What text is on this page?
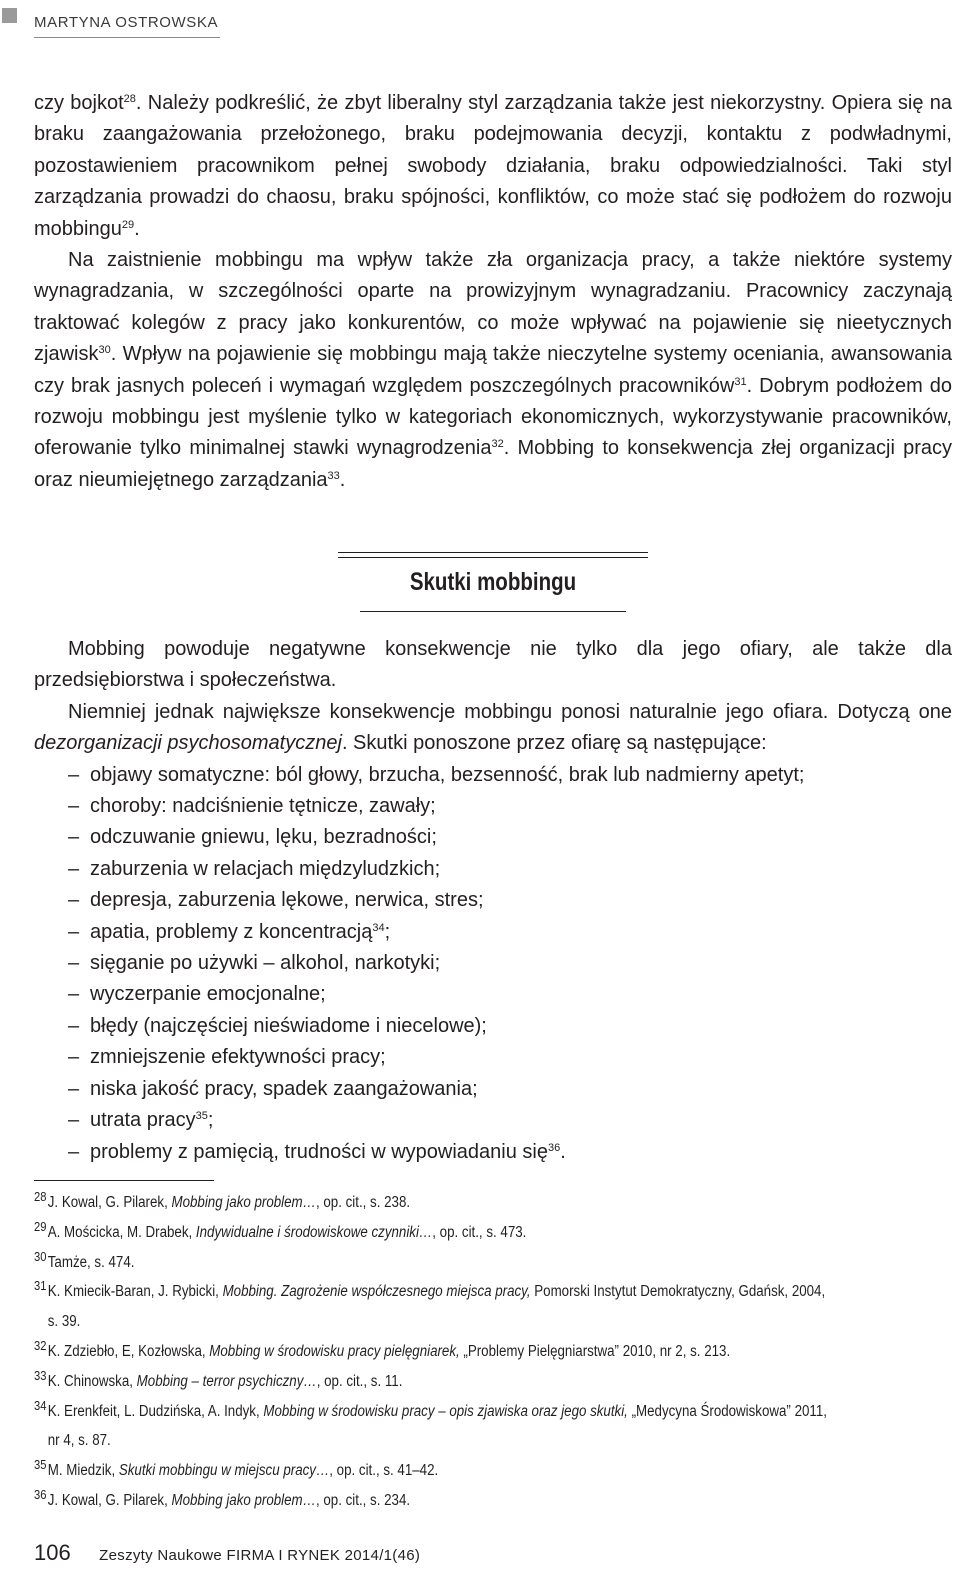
MARTYNA OSTROWSKA

czy bojkot$^{28}$. Należy podkreślić, że zbyt liberalny styl zarządzania także jest niekorzystny. Opiera się na braku zaangażowania przełożonego, braku podejmowania decyzji, kontaktu z podwładnymi, pozostawieniem pracownikom pełnej swobody działania, braku odpowiedzialności. Taki styl zarządzania prowadzi do chaosu, braku spójności, konfliktów, co może stać się podłożem do rozwoju mobbingu$^{29}$.

Na zaistnienie mobbingu ma wpływ także zła organizacja pracy, a także niektóre systemy wynagradzania, w szczególności oparte na prowizyjnym wynagradzaniu. Pracownicy zaczynają traktować kolegów z pracy jako konkurentów, co może wpływać na pojawienie się nieetycznych zjawisk$^{30}$. Wpływ na pojawienie się mobbingu mają także nieczytelne systemy oceniania, awansowania czy brak jasnych poleceń i wymagań względem poszczególnych pracowników$^{31}$. Dobrym podłożem do rozwoju mobbingu jest myślenie tylko w kategoriach ekonomicznych, wykorzystywanie pracowników, oferowanie tylko minimalnej stawki wynagrodzenia$^{32}$. Mobbing to konsekwencja złej organizacji pracy oraz nieumiejętnego zarządzania$^{33}$.

Skutki mobbingu

Mobbing powoduje negatywne konsekwencje nie tylko dla jego ofiary, ale także dla przedsiębiorstwa i społeczeństwa.

Niemniej jednak największe konsekwencje mobbingu ponosi naturalnie jego ofiara. Dotyczą one dezorganizacji psychosomatycznej. Skutki ponoszone przez ofiarę są następujące:

– objawy somatyczne: ból głowy, brzucha, bezsenność, brak lub nadmierny apetyt;
– choroby: nadciśnienie tętnicze, zawały;
– odczuwanie gniewu, lęku, bezradności;
– zaburzenia w relacjach międzyludzkich;
– depresja, zaburzenia lękowe, nerwica, stres;
– apatia, problemy z koncentracją$^{34}$;
– sięganie po używki – alkohol, narkotyki;
– wyczerpanie emocjonalne;
– błędy (najczęściej nieświadome i niecelowe);
– zmniejszenie efektywności pracy;
– niska jakość pracy, spadek zaangażowania;
– utrata pracy$^{35}$;
– problemy z pamięcią, trudności w wypowiadaniu się$^{36}$.
28 J. Kowal, G. Pilarek, Mobbing jako problem…, op. cit., s. 238.
29 A. Mościcka, M. Drabek, Indywidualne i środowiskowe czynniki…, op. cit., s. 473.
30 Tamże, s. 474.
31 K. Kmiecik-Baran, J. Rybicki, Mobbing. Zagrożenie współczesnego miejsca pracy, Pomorski Instytut Demokratyczny, Gdańsk, 2004, s. 39.
32 K. Zdziebło, E, Kozłowska, Mobbing w środowisku pracy pielęgniarek, „Problemy Pielęgniarstwa” 2010, nr 2, s. 213.
33 K. Chinowska, Mobbing – terror psychiczny…, op. cit., s. 11.
34 K. Erenkfeit, L. Dudzińska, A. Indyk, Mobbing w środowisku pracy – opis zjawiska oraz jego skutki, „Medycyna Środowiskowa” 2011,
nr 4, s. 87.
35 M. Miedzik, Skutki mobbingu w miejscu pracy…, op. cit., s. 41–42.
36 J. Kowal, G. Pilarek, Mobbing jako problem…, op. cit., s. 234.
106 Zeszyty Naukowe FIRMA I RYNEK 2014/1(46)
